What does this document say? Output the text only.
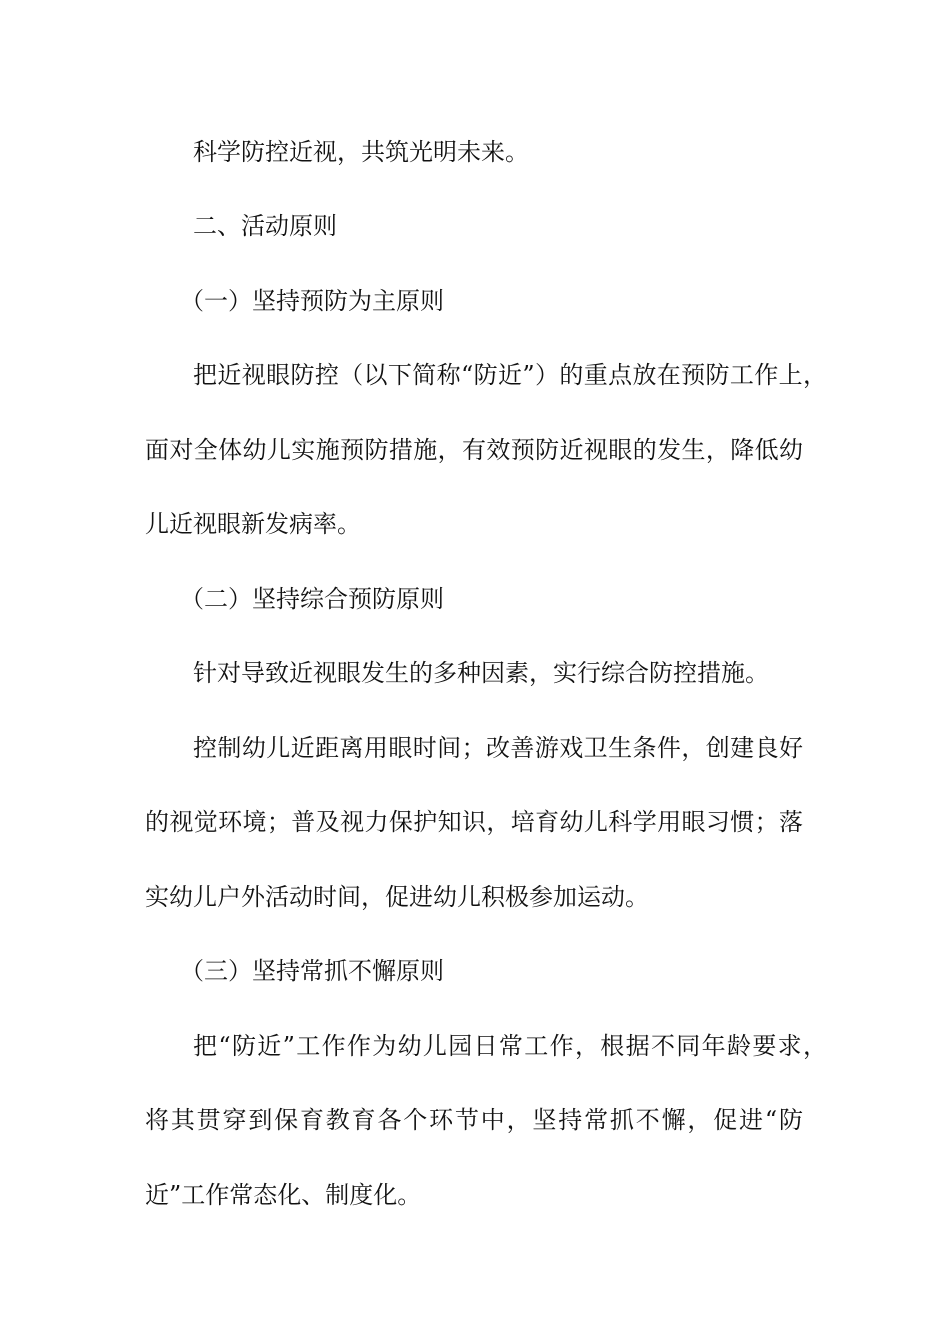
科学防控近视，共筑光明未来。

二、活动原则

（一）坚持预防为主原则

把近视眼防控（以下简称“防近”）的重点放在预防工作上，

面对全体幼儿实施预防措施，有效预防近视眼的发生，降低幼

儿近视眼新发病率。

（二）坚持综合预防原则

针对导致近视眼发生的多种因素，实行综合防控措施。

控制幼儿近距离用眼时间；改善游戏卫生条件，创建良好

的视觉环境；普及视力保护知识，培育幼儿科学用眼习惯；落

实幼儿户外活动时间，促进幼儿积极参加运动。

（三）坚持常抓不懈原则

把“防近”工作作为幼儿园日常工作，根据不同年龄要求，

将其贯穿到保育教育各个环节中，坚持常抓不懈，促进“防

近”工作常态化、制度化。
